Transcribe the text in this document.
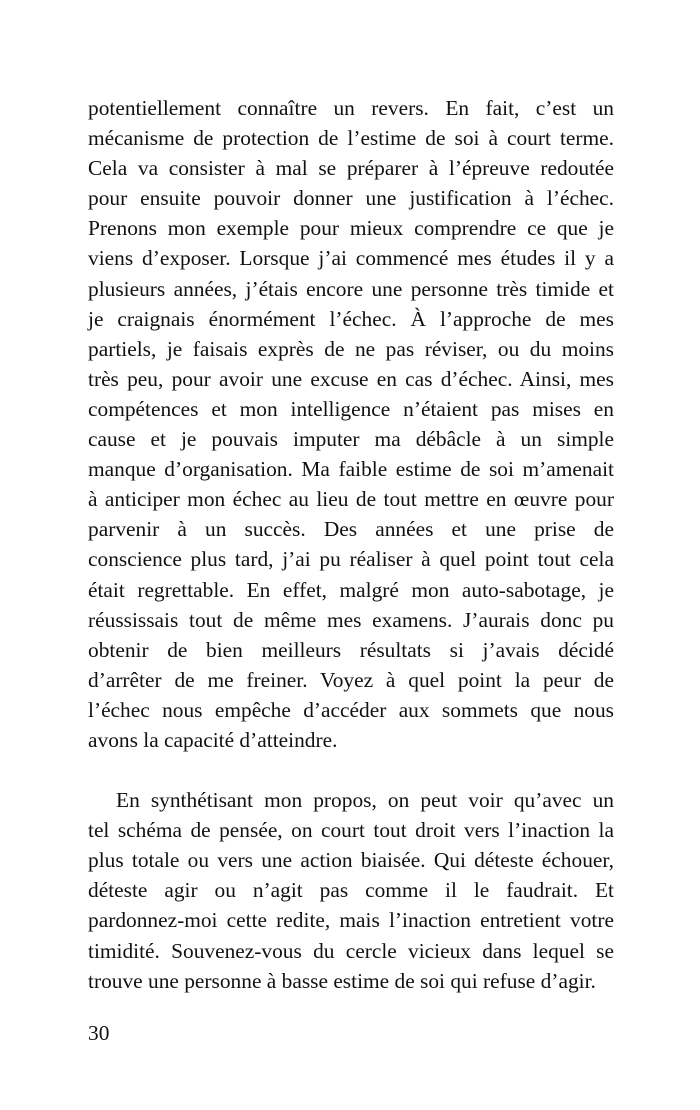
potentiellement connaître un revers. En fait, c’est un
mécanisme de protection de l’estime de soi à court terme.
Cela va consister à mal se préparer à l’épreuve redoutée
pour ensuite pouvoir donner une justification à l’échec.
Prenons mon exemple pour mieux comprendre ce que je
viens d’exposer. Lorsque j’ai commencé mes études il y a
plusieurs années, j’étais encore une personne très timide et
je craignais énormément l’échec. À l’approche de mes
partiels, je faisais exprès de ne pas réviser, ou du moins
très peu, pour avoir une excuse en cas d’échec. Ainsi, mes
compétences et mon intelligence n’étaient pas mises en
cause et je pouvais imputer ma débâcle à un simple
manque d’organisation. Ma faible estime de soi m’amenait
à anticiper mon échec au lieu de tout mettre en œuvre pour
parvenir à un succès. Des années et une prise de
conscience plus tard, j’ai pu réaliser à quel point tout cela
était regrettable. En effet, malgré mon auto-sabotage, je
réussissais tout de même mes examens. J’aurais donc pu
obtenir de bien meilleurs résultats si j’avais décidé
d’arrêter de me freiner. Voyez à quel point la peur de
l’échec nous empêche d’accéder aux sommets que nous
avons la capacité d’atteindre.
En synthétisant mon propos, on peut voir qu’avec un
tel schéma de pensée, on court tout droit vers l’inaction la
plus totale ou vers une action biaisée. Qui déteste échouer,
déteste agir ou n’agit pas comme il le faudrait. Et
pardonnez-moi cette redite, mais l’inaction entretient votre
timidité. Souvenez-vous du cercle vicieux dans lequel se
trouve une personne à basse estime de soi qui refuse d’agir.
30
